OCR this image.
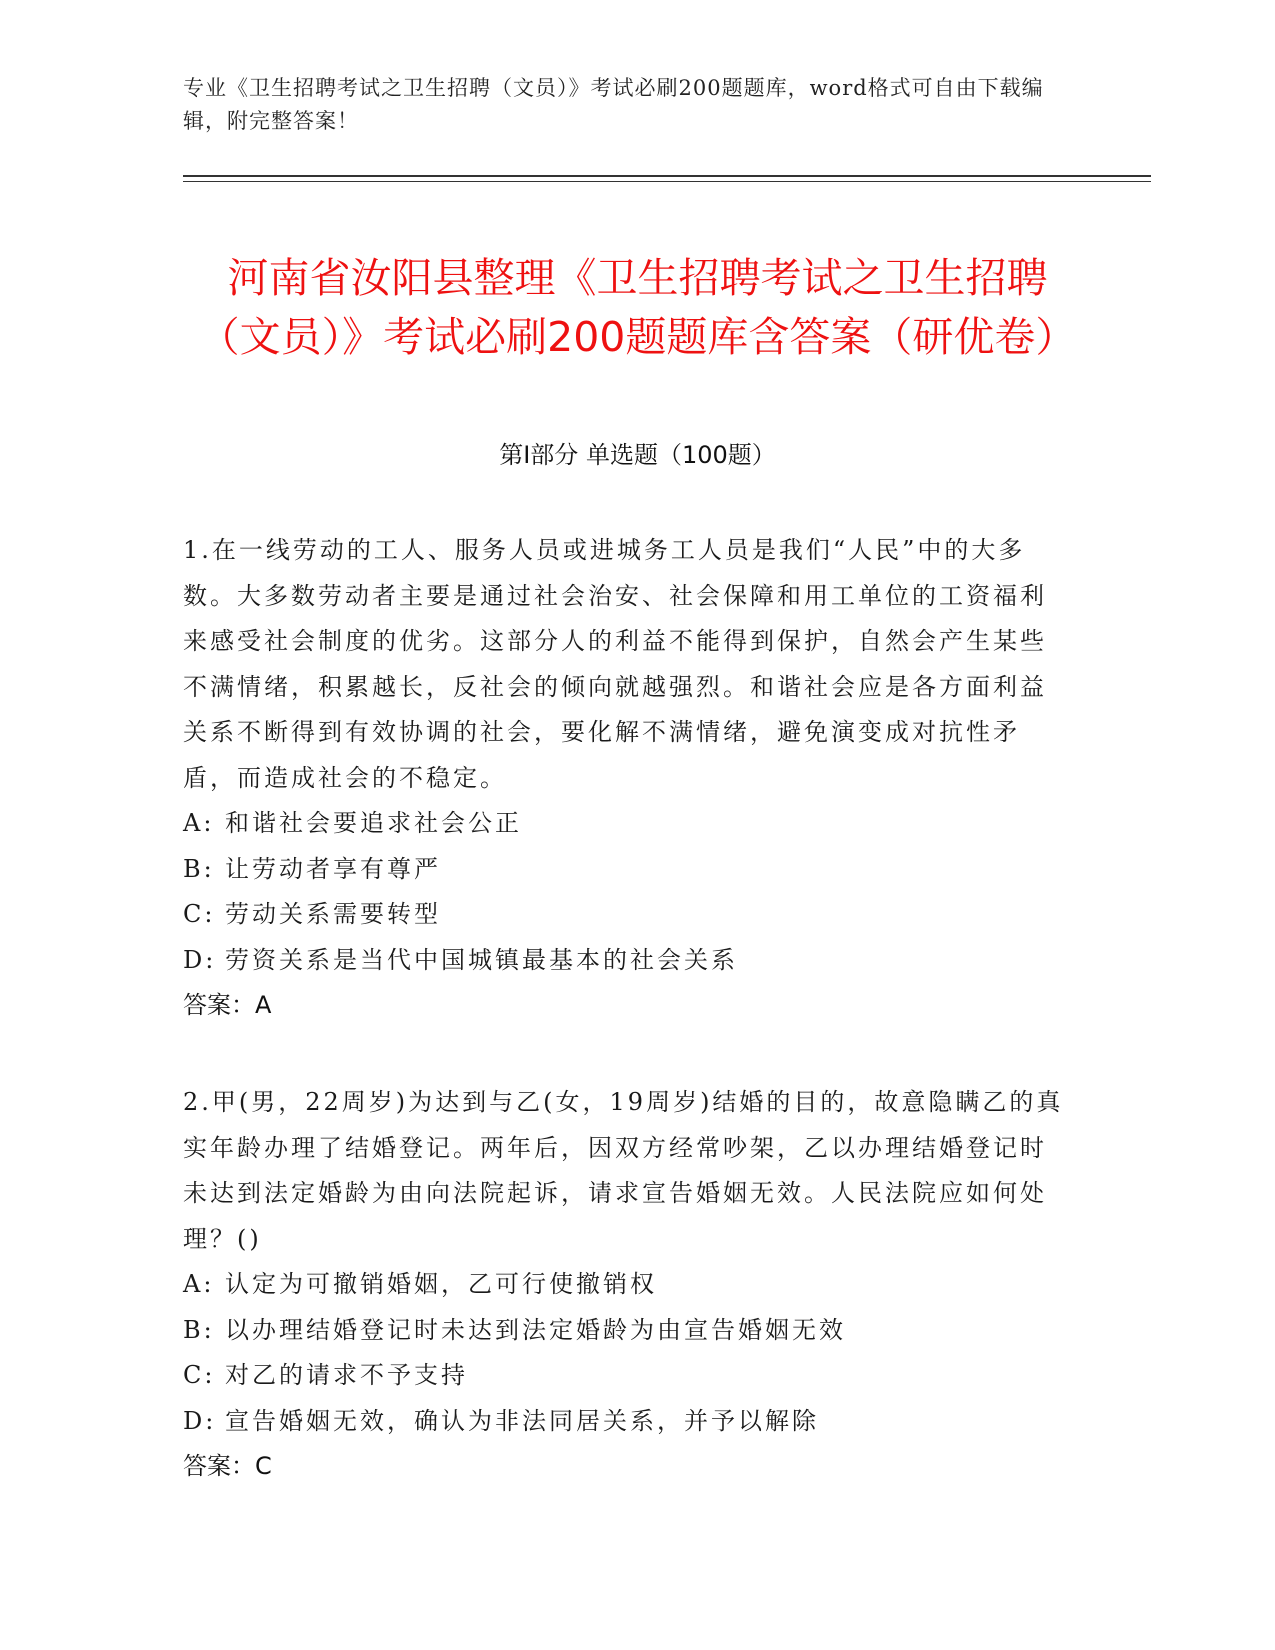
专业《卫生招聘考试之卫生招聘（文员）》考试必刷200题题库，word格式可自由下载编辑，附完整答案！
河南省汝阳县整理《卫生招聘考试之卫生招聘（文员）》考试必刷200题题库含答案（研优卷）
第Ⅰ部分 单选题（100题）

1.在一线劳动的工人、服务人员或进城务工人员是我们“人民”中的大多数。大多数劳动者主要是通过社会治安、社会保障和用工单位的工资福利来感受社会制度的优劣。这部分人的利益不能得到保护，自然会产生某些不满情绪，积累越长，反社会的倾向就越强烈。和谐社会应是各方面利益关系不断得到有效协调的社会，要化解不满情绪，避免演变成对抗性矛盾，而造成社会的不稳定。

A: 和谐社会要追求社会公正

B: 让劳动者享有尊严

C: 劳动关系需要转型

D: 劳资关系是当代中国城镇最基本的社会关系

答案：A

2.甲(男，22周岁)为达到与乙(女，19周岁)结婚的目的，故意隐瞒乙的真实年龄办理了结婚登记。两年后，因双方经常吵架，乙以办理结婚登记时未达到法定婚龄为由向法院起诉，请求宣告婚姻无效。人民法院应如何处理？()

A: 认定为可撤销婚姻，乙可行使撤销权

B: 以办理结婚登记时未达到法定婚龄为由宣告婚姻无效

C: 对乙的请求不予支持

D: 宣告婚姻无效，确认为非法同居关系，并予以解除

答案：C
